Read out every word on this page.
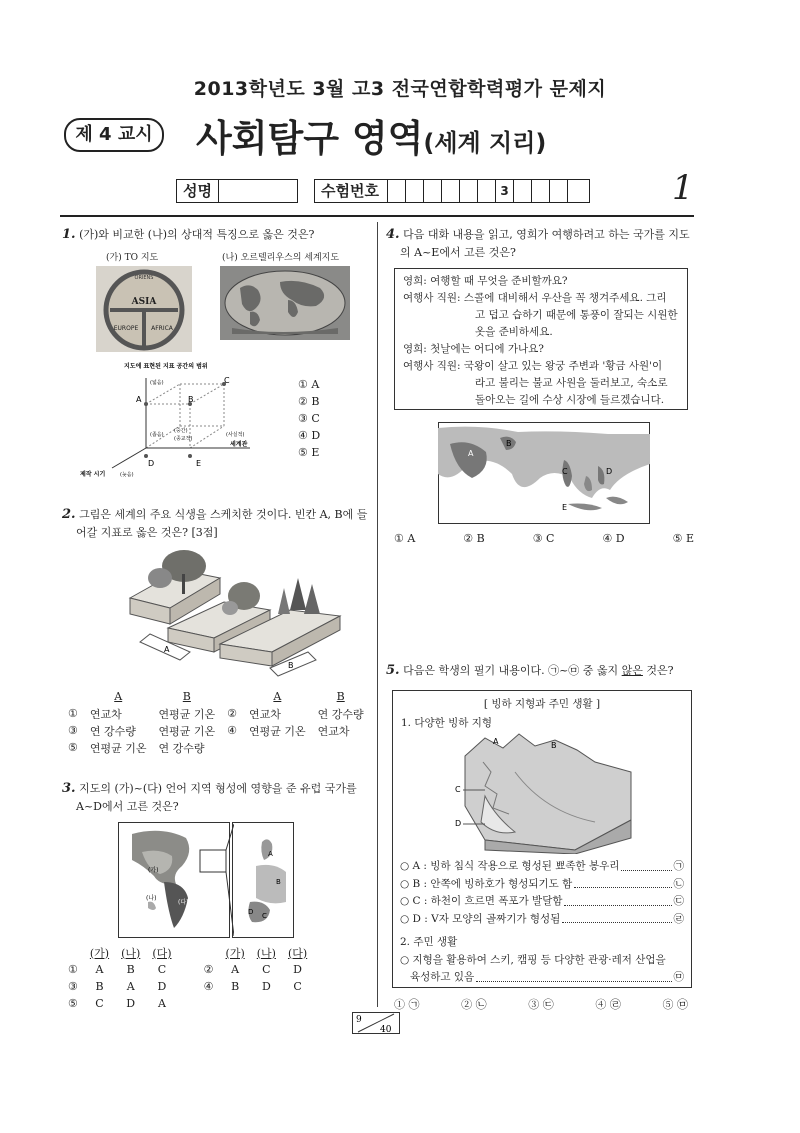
2013학년도 3월 고3 전국연합학력평가 문제지
제 4 교시	사회탐구 영역(세계 지리)
성명	수험번호	3	1
1. (가)와 비교한 (나)의 상대적 특징으로 옳은 것은?
(가) TO 지도	(나) 오르텔리우스의 세계지도
ORIENS
ASIA
EUROPE AFRICA
지도에 표현된 지표 공간의 범위
A	B
C
D	E
(넓음)
(좁음)
(중간)
(종교적)
(사실적)
세계관
제작 시기	(늦음)
① A
② B
③ C
④ D
⑤ E
2. 그림은 세계의 주요 식생을 스케치한 것이다. 빈칸 A, B에 들
어갈 지표로 옳은 것은? [3점]
A
B
	A	B		A	B
①	연교차	연평균 기온	②	연교차	연 강수량
③	연 강수량	연평균 기온	④	연평균 기온	연교차
⑤	연평균 기온	연 강수량			
3. 지도의 (가)~(다) 언어 지역 형성에 영향을 준 유럽 국가를
A~D에서 고른 것은?
(가)
(나)
(다)
A
B
C
D
	(가)	(나)	(다)		(가)	(나)	(다)
①	A	B	C	②	A	C	D
③	B	A	D	④	B	D	C
⑤	C	D	A				
4. 다음 대화 내용을 읽고, 영희가 여행하려고 하는 국가를 지도
의 A~E에서 고른 것은?
영희: 여행할 때 무엇을 준비할까요?
여행사 직원: 스콜에 대비해서 우산을 꼭 챙겨주세요. 그리
고 덥고 습하기 때문에 통풍이 잘되는 시원한
옷을 준비하세요.
영희: 첫날에는 어디에 가나요?
여행사 직원: 국왕이 살고 있는 왕궁 주변과 '황금 사원'이
라고 불리는 불교 사원을 둘러보고, 숙소로
돌아오는 길에 수상 시장에 들르겠습니다.
A
B
C	D
E
① A	② B	③ C	④ D	⑤ E
5. 다음은 학생의 필기 내용이다. ㉠~㉤ 중 옳지 않은 것은?
[ 빙하 지형과 주민 생활 ]
1. 다양한 빙하 지형
A	B
C
D
○ A : 빙하 침식 작용으로 형성된 뾰족한 봉우리	㉠
○ B : 안쪽에 빙하호가 형성되기도 함	㉡
○ C : 하천이 흐르면 폭포가 발달함	㉢
○ D : V자 모양의 골짜기가 형성됨	㉣
2. 주민 생활
○ 지형을 활용하여 스키, 캠핑 등 다양한 관광·레저 산업을
육성하고 있음	㉤
① ㉠	② ㉡	③ ㉢	④ ㉣	⑤ ㉤
9
40
